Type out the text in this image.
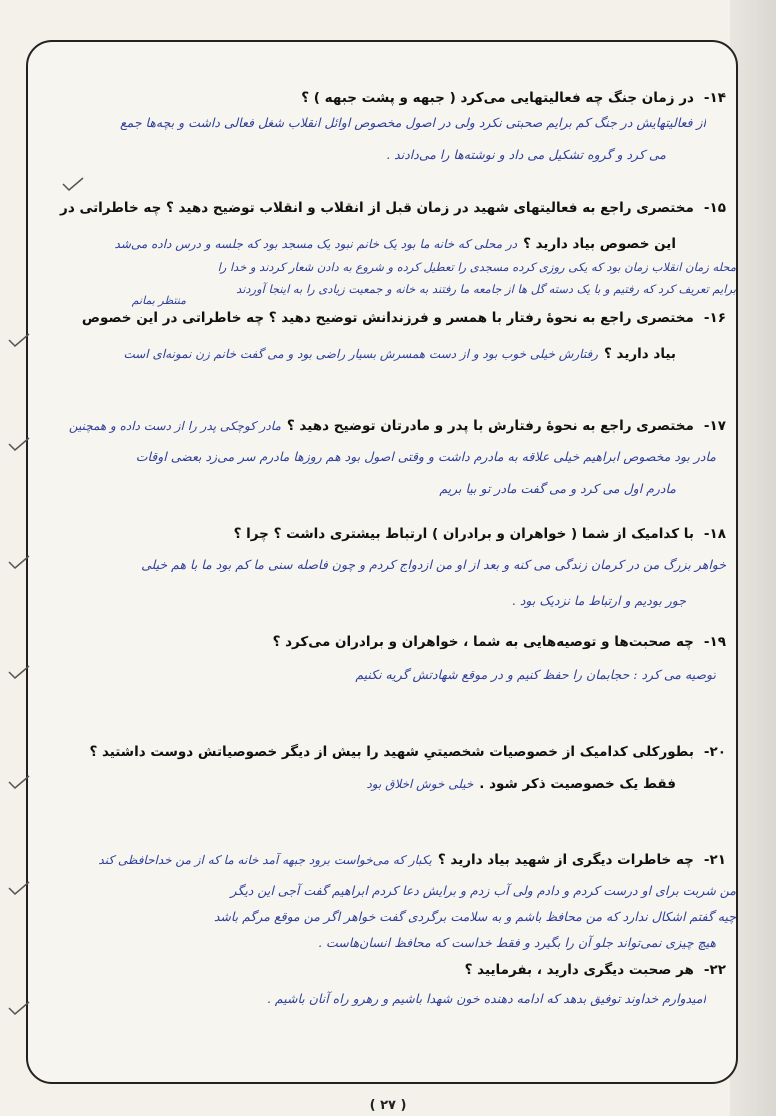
۱۴-در زمان جنگ چه فعالیتهایی می‌کرد ( جبهه و پشت جبهه ) ؟
از فعالیتهایش در جنگ کم برایم صحبتی نکرد ولی در اصول مخصوص اوائل انقلاب شغل فعالی داشت و بچه‌ها جمع
می کرد و گروه تشکیل می داد و نوشته‌ها را می‌دادند .
۱۵-مختصری راجع به فعالیتهای شهید در زمان قبل از انقلاب و انقلاب توضیح دهید ؟ چه خاطراتی در
این خصوص بیاد دارید ؟در محلی که خانه ما بود یک خانم نبود یک مسجد بود که جلسه و درس داده می‌شد
محله زمان انقلاب زمان بود که یکی روزی کرده مسجدی را تعطیل کرده و شروع به دادن شعار کردند و خدا را
برایم تعریف کرد که رفتیم و با یک دسته گل ها از جامعه ما رفتند به خانه و جمعیت زیادی را به اینجا آوردند
منتظر بمانم
۱۶-مختصری راجع به نحوهٔ رفتار با همسر و فرزندانش توضیح دهید ؟ چه خاطراتی در این خصوص
بیاد دارید ؟رفتارش خیلی خوب بود و از دست همسرش بسیار راضی بود و می گفت خانم زن نمونه‌ای است
۱۷-مختصری راجع به نحوهٔ رفتارش با پدر و مادرتان توضیح دهید ؟مادر کوچکی پدر را از دست داده و همچنین
مادر بود مخصوص ابراهیم خیلی علاقه به مادرم داشت و وقتی اصول بود هم روزها مادرم سر می‌زد بعضی اوقات
مادرم اول می کرد و می گفت مادر تو بیا بریم
۱۸-با کدامیک از شما ( خواهران و برادران ) ارتباط بیشتری داشت ؟ چرا ؟
خواهر بزرگ من در کرمان زندگی می کنه و بعد از او من ازدواج کردم و چون فاصله سنی ما کم بود ما با هم خیلی
جور بودیم و ارتباط ما نزدیک بود .
۱۹-چه صحبت‌ها و توصیه‌هایی به شما ، خواهران و برادران می‌کرد ؟
توصیه می کرد : حجابمان را حفظ کنیم و در موقع شهادتش گریه نکنیم
۲۰-بطورکلی کدامیک از خصوصیات شخصیتیِ شهید را بیش از دیگر خصوصیاتش دوست داشتید ؟
فقط یک خصوصیت ذکر شود .خیلی خوش اخلاق بود
۲۱-چه خاطرات دیگری از شهید بیاد دارید ؟یکبار که می‌خواست برود جبهه آمد خانه ما که از من خداحافظی کند
من شربت برای او درست کردم و دادم ولی آب زدم و برایش دعا کردم ابراهیم گفت آجی این دیگر
چیه گفتم اشکال ندارد که من محافظ باشم و به سلامت برگردی گفت خواهر اگر من موقع مرگم باشد
هیچ چیزی نمی‌تواند جلو آن را بگیرد و فقط خداست که محافظ انسان‌هاست .
۲۲-هر صحبت دیگری دارید ، بفرمایید ؟
امیدوارم خداوند توفیق بدهد که ادامه دهنده خون شهدا باشیم و رهرو راه آنان باشیم .
( ۲۷ )
